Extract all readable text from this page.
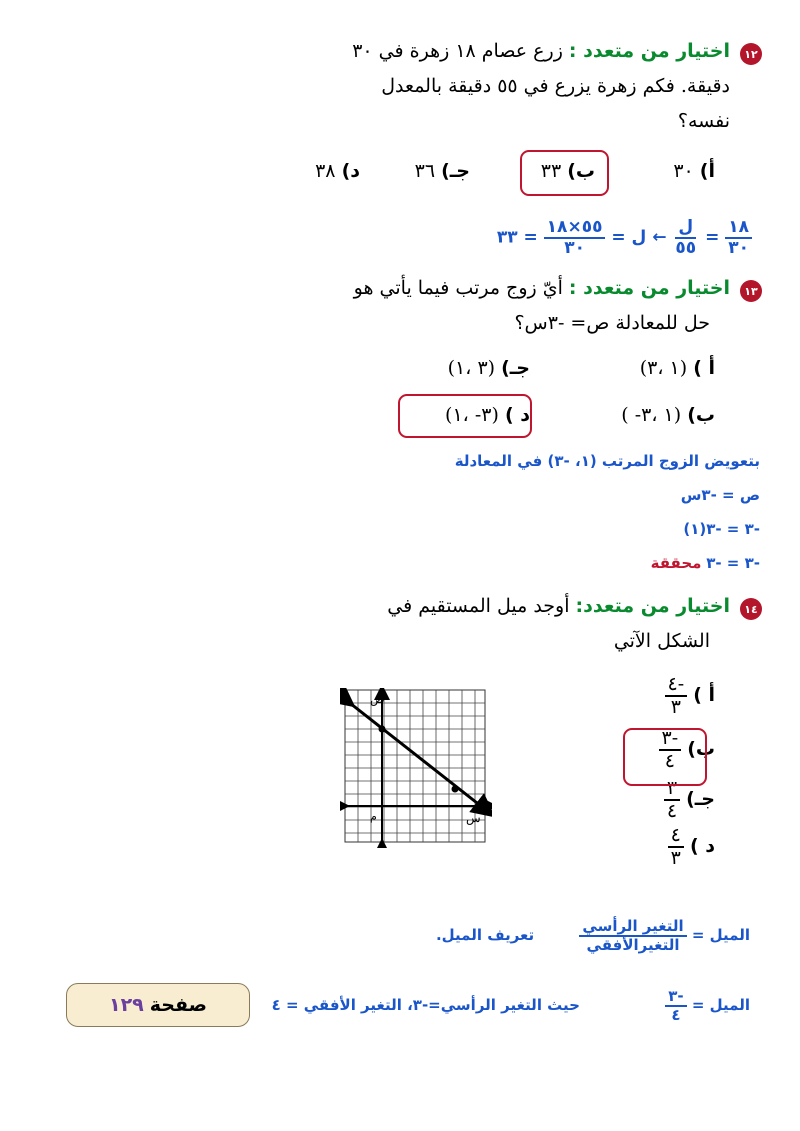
١٢
اختيار من متعدد : زرع عصام ١٨ زهرة في ٣٠
دقيقة. فكم زهرة يزرع في ٥٥ دقيقة بالمعدل
نفسه؟
أ) ٣٠
ب) ٣٣
جـ) ٣٦
د) ٣٨
$\frac{١٨}{٣٠}$
=
$\frac{\text{ل}}{٥٥}$
← ل =
$\frac{٥٥\times ١٨}{٣٠}$
= ٣٣
١٣
اختيار من متعدد : أيّ زوج مرتب فيما يأتي هو
حل للمعادلة ص= -٣س؟
أ ) (١ ،٣)
جـ) (٣ ،١)
ب) (١ ،٣- )
د ) (٣- ،١)
بتعويض الزوج المرتب (١، -٣) في المعادلة
ص = -٣س
-٣ = -٣(١)
-٣ = -٣ محققة
١٤
اختيار من متعدد: أوجد ميل المستقيم في
الشكل الآتي
أ )
$\frac{-٤}{٣}$
ب)
$\frac{-٣}{٤}$
جـ)
$\frac{٣}{٤}$
د )
$\frac{٤}{٣}$
ص
س
م
الميل =
$\frac{\text{التغير الرأسي}}{\text{التغيرالأفقي}}$
تعريف الميل.
الميل =
$\frac{-٣}{٤}$
حيث التغير الرأسي=-٣، التغير الأفقي = ٤
صفحة
١٢٩
